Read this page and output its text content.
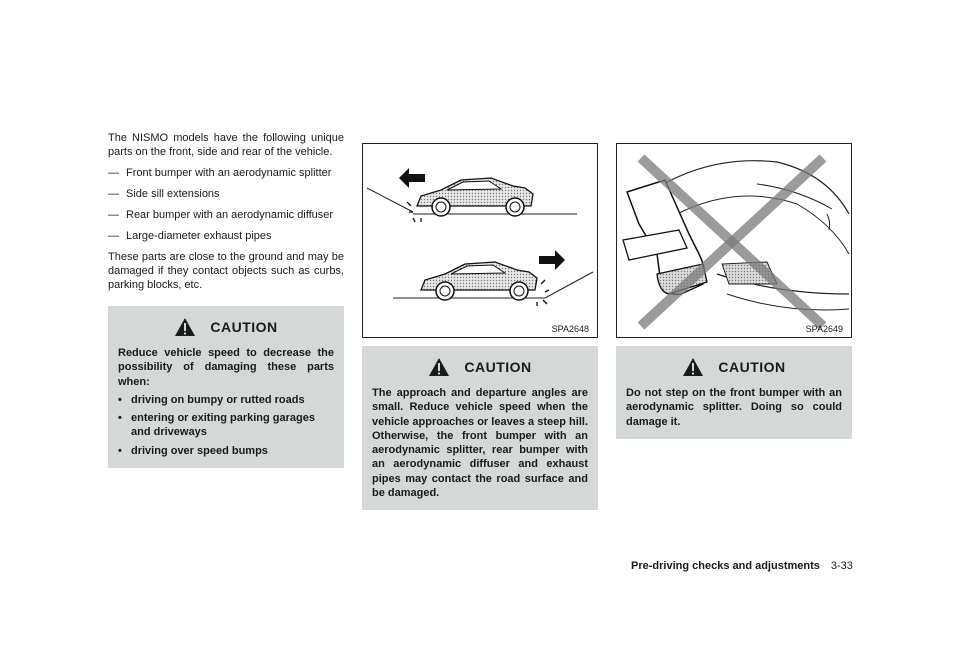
The NISMO models have the following unique parts on the front, side and rear of the vehicle.

— Front bumper with an aerodynamic splitter
— Side sill extensions
— Rear bumper with an aerodynamic diffuser
— Large-diameter exhaust pipes

These parts are close to the ground and may be damaged if they contact objects such as curbs, parking blocks, etc.

CAUTION
Reduce vehicle speed to decrease the possibility of damaging these parts when:
• driving on bumpy or rutted roads
• entering or exiting parking garages and driveways
• driving over speed bumps
SPA2648
CAUTION
The approach and departure angles are small. Reduce vehicle speed when the vehicle approaches or leaves a steep hill. Otherwise, the front bumper with an aerodynamic splitter, rear bumper with an aerodynamic diffuser and exhaust pipes may contact the road surface and be damaged.
SPA2649
CAUTION
Do not step on the front bumper with an aerodynamic splitter. Doing so could damage it.
Pre-driving checks and adjustments 3-33
